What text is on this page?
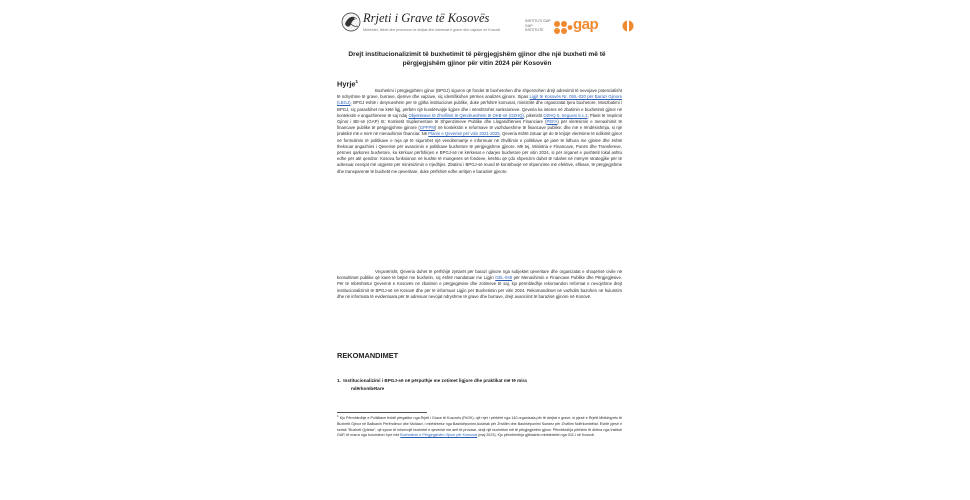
Rrjeti i Grave të Kosovës
Mbështet, lidhet dhe promovon te drejtat dhe interesat e grave dhe vajzave në Kosovë
INSTITUTI GAP
GAP INSTITUTE	gap
Drejt institucionalizimit të buxhetimit të përgjegjshëm gjinor dhe një buxheti më të përgjegjshëm gjinor për vitin 2024 për Kosovën
Hyrje$^1$
Buxhetimi i përgjegjshëm gjinor (BPGJ) siguron që fondet të buxhetohen dhe shpenzohen drejt adresimit të nevojave potencialisht të ndryshme të grave, burrave, djemve dhe vajzave, siç identifikohen përmes analizës gjinore. Sipas Ligjit të Kosovës Nr. 05/L-020 për Barazi Gjinore (LBGJ), BPGJ është i detyrueshëm për të gjitha institucionet publike, duke përfshirë komunat, ministritë dhe organizatat tjera buxhetore. Moszbatimi i BPGJ, siç parashihet me këtë ligj, përbën një kundërvajtje ligjore dhe i nënshtrohet sanksioneve. Qeveria ka interes në zbatimin e buxhetimit gjinor në kontekstin e angazhimeve të saj ndaj Objektivave të Zhvillimit të Qëndrueshëm të OKB-së (OZHQ), pikërisht OZHQ 5, treguesi 5.c.1; Planit të Veprimit Gjinor i BE-së (GAP) III; Komitetit Suplementare të Shpenzimeve Publike dhe Llogaridhënies Financiare (PEFA) për vlerësimin e menaxhimit të financave publike të përgjegjshme gjinore (GPFPM) në kontekstin e reformave të vazhdueshme të financave publike; dhe më e rëndësishmja, si një praktikë më e mirë në menaxhimin financiar. Në Planin e Qeverisë për vitin 2021-2025, Qeveria është zotuar që do të krijojë vlerësime të ndikimit gjinor në formulimin të politikave e reja që të sigurohet një vendimmarrje e informuar në zhvillimin e politikave që janë të lidhura me gjininë dhe është theksuar angazhimi i Qeverisë për avancimin e politikave buxhetore të përgjegjshme gjinore. Më tej, Ministria e Financave, Punës dhe Transfereve, përmes qarkores buxhetore, ka kërkuar përfshirjen e BPGJ-së në kërkesat e ndarjes buxhetore për vitin 2024, si për organet e pushtetit lokal ashtu edhe për atë qendror. Kosova funksionon në kushte të mungesës së fondeve, kështu që çdo shpenzim duhet të ndahet në mënyrë strategjike për të adresuar nevojat më urgjente për minimizimin e rrjedhjes. Zbatimi i BPGJ-së mund të kontribuojë në shpenzime më efektive, efikase, të përgjegjshme dhe transparente të buxhetit me qeveritare, duke përfshirë edhe arritjen e barazisë gjinore.
Veçanërisht, Qeveria duhet të përfshijë zyrtarët për barazi gjinore nga subjektet qeveritare dhe organizatat e shoqërisë civile në konsultimet publike që kanë të bëjnë me buxhetin, siç është mandatuar me Ligjin 03/L-048 për Menaxhimin e Financave Publike dhe Përgjegjësive. Për të mbështetur Qeverinë e Kosovës në zbatimin e përgjegjësive dhe zotimeve të saj, kjo përmbledhje rekomandon reformat e nevojshme drejt institucionalizimit të BPGJ-së në Kosovë dhe për të informuar Ligjin për Buxhetimin për vitin 2024. Rekomandimet në vazhdim bazohen në hulumtim dhe në informata të evidentuara për të adresuar nevojat ndryshme të grave dhe burrave, drejt avancimit të barazisë gjinore në Kosovë.
REKOMANDIMET
1. Institucionalizimi i BPGJ-së në përputhje me zotimet ligjore dhe praktikat më të mira
ndërkombëtare
$^1$ Kjo Përmbledhje e Politikave është përgatitur nga Rrjeti i Grave të Kosovës (RrGK), një rrjet i përbërë nga 140 organizata për të drejtat e grave, si pjesë e Rrjetit Mbikëqyrës të Buxhetit Gjinor në Ballkanin Perëndimor dhe Moldavi, i mbështetur nga Bashkëpunimi Austriak për Zhvillim dhe Bashkëpunimi Suedez për Zhvillim Ndërkombëtar. Është pjesë e serisë "Buxheti Qytetar", që synon të informojë buxhetet e qeverisë me anë të provave, drejt një buxhetimi më të përgjegjshëm gjinor. Përmbledhja përfshin të dhëna nga Instituti GAP, të marra nga hulumtimi i tyre mbi Buxhetimin e Përgjegjshëm Gjinor për Komunat (maj 2023). Kjo përmbledhja gjithashtu mbështetet nga GIZ-i në Kosovë.
